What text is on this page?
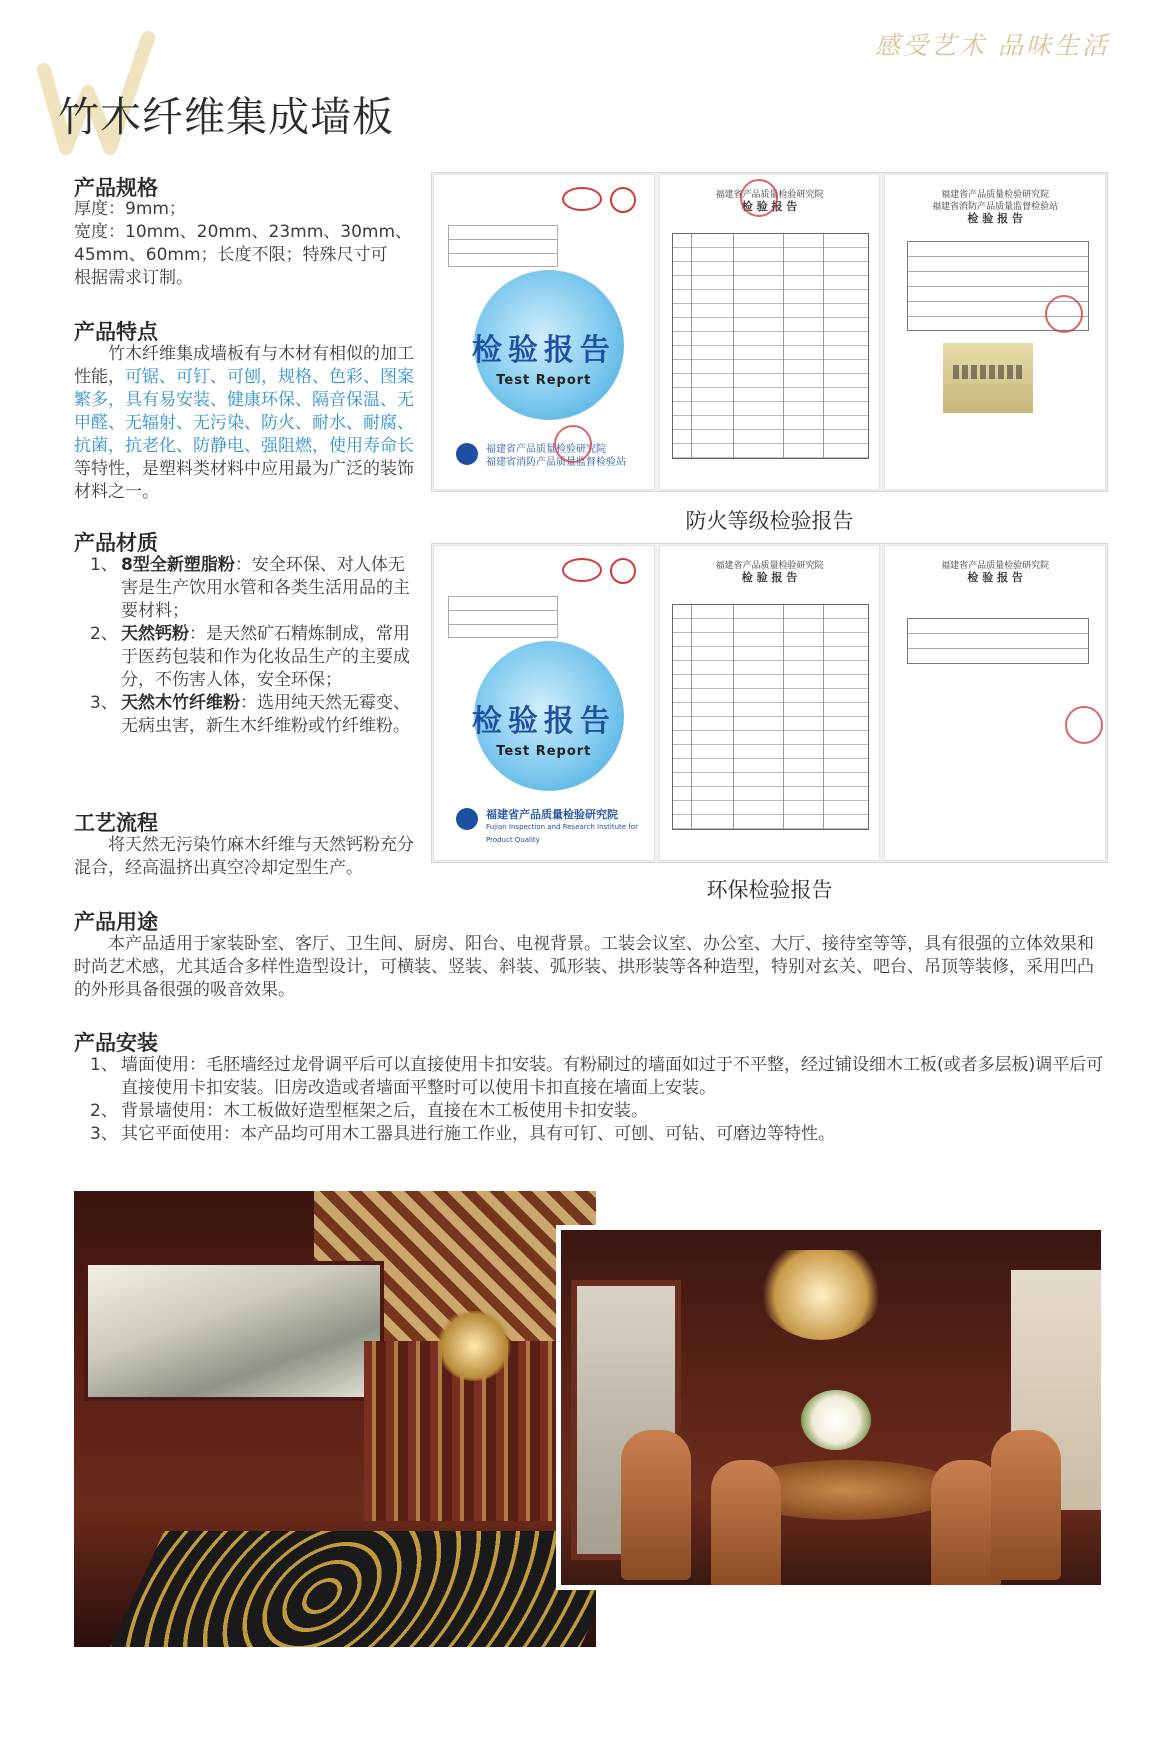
感受艺术 品味生活
竹木纤维集成墙板
产品规格
厚度：9mm；
宽度：10mm、20mm、23mm、30mm、
45mm、60mm；长度不限；特殊尺寸可
根据需求订制。
产品特点
竹木纤维集成墙板有与木材有相似的加工性能，可锯、可钉、可刨，规格、色彩、图案繁多，具有易安装、健康环保、隔音保温、无甲醛、无辐射、无污染、防火、耐水、耐腐、抗菌，抗老化、防静电、强阻燃，使用寿命长等特性，是塑料类材料中应用最为广泛的装饰材料之一。
产品材质
1、 8型全新塑脂粉：安全环保、对人体无害是生产饮用水管和各类生活用品的主要材料；
2、 天然钙粉：是天然矿石精炼制成，常用于医药包装和作为化妆品生产的主要成分，不伤害人体，安全环保；
3、 天然木竹纤维粉：选用纯天然无霉变、无病虫害，新生木纤维粉或竹纤维粉。
工艺流程
将天然无污染竹麻木纤维与天然钙粉充分混合，经高温挤出真空冷却定型生产。
检验报告
Test Report
福建省产品质量检验研究院
福建省消防产品质量监督检验站
福建省产品质量检验研究院
检 验 报 告
福建省产品质量检验研究院
福建省消防产品质量监督检验站
检 验 报 告
防火等级检验报告
检验报告
Test Report
福建省产品质量检验研究院
Fujian Inspection and Research Institute for Product Quality
福建省产品质量检验研究院
检 验 报 告
福建省产品质量检验研究院
检 验 报 告
环保检验报告
产品用途
本产品适用于家装卧室、客厅、卫生间、厨房、阳台、电视背景。工装会议室、办公室、大厅、接待室等等，具有很强的立体效果和时尚艺术感，尤其适合多样性造型设计，可横装、竖装、斜装、弧形装、拱形装等各种造型，特别对玄关、吧台、吊顶等装修，采用凹凸的外形具备很强的吸音效果。
产品安装
1、 墙面使用：毛胚墙经过龙骨调平后可以直接使用卡扣安装。有粉刷过的墙面如过于不平整，经过铺设细木工板(或者多层板)调平后可直接使用卡扣安装。旧房改造或者墙面平整时可以使用卡扣直接在墙面上安装。
2、 背景墙使用：木工板做好造型框架之后，直接在木工板使用卡扣安装。
3、 其它平面使用：本产品均可用木工器具进行施工作业，具有可钉、可刨、可钻、可磨边等特性。
